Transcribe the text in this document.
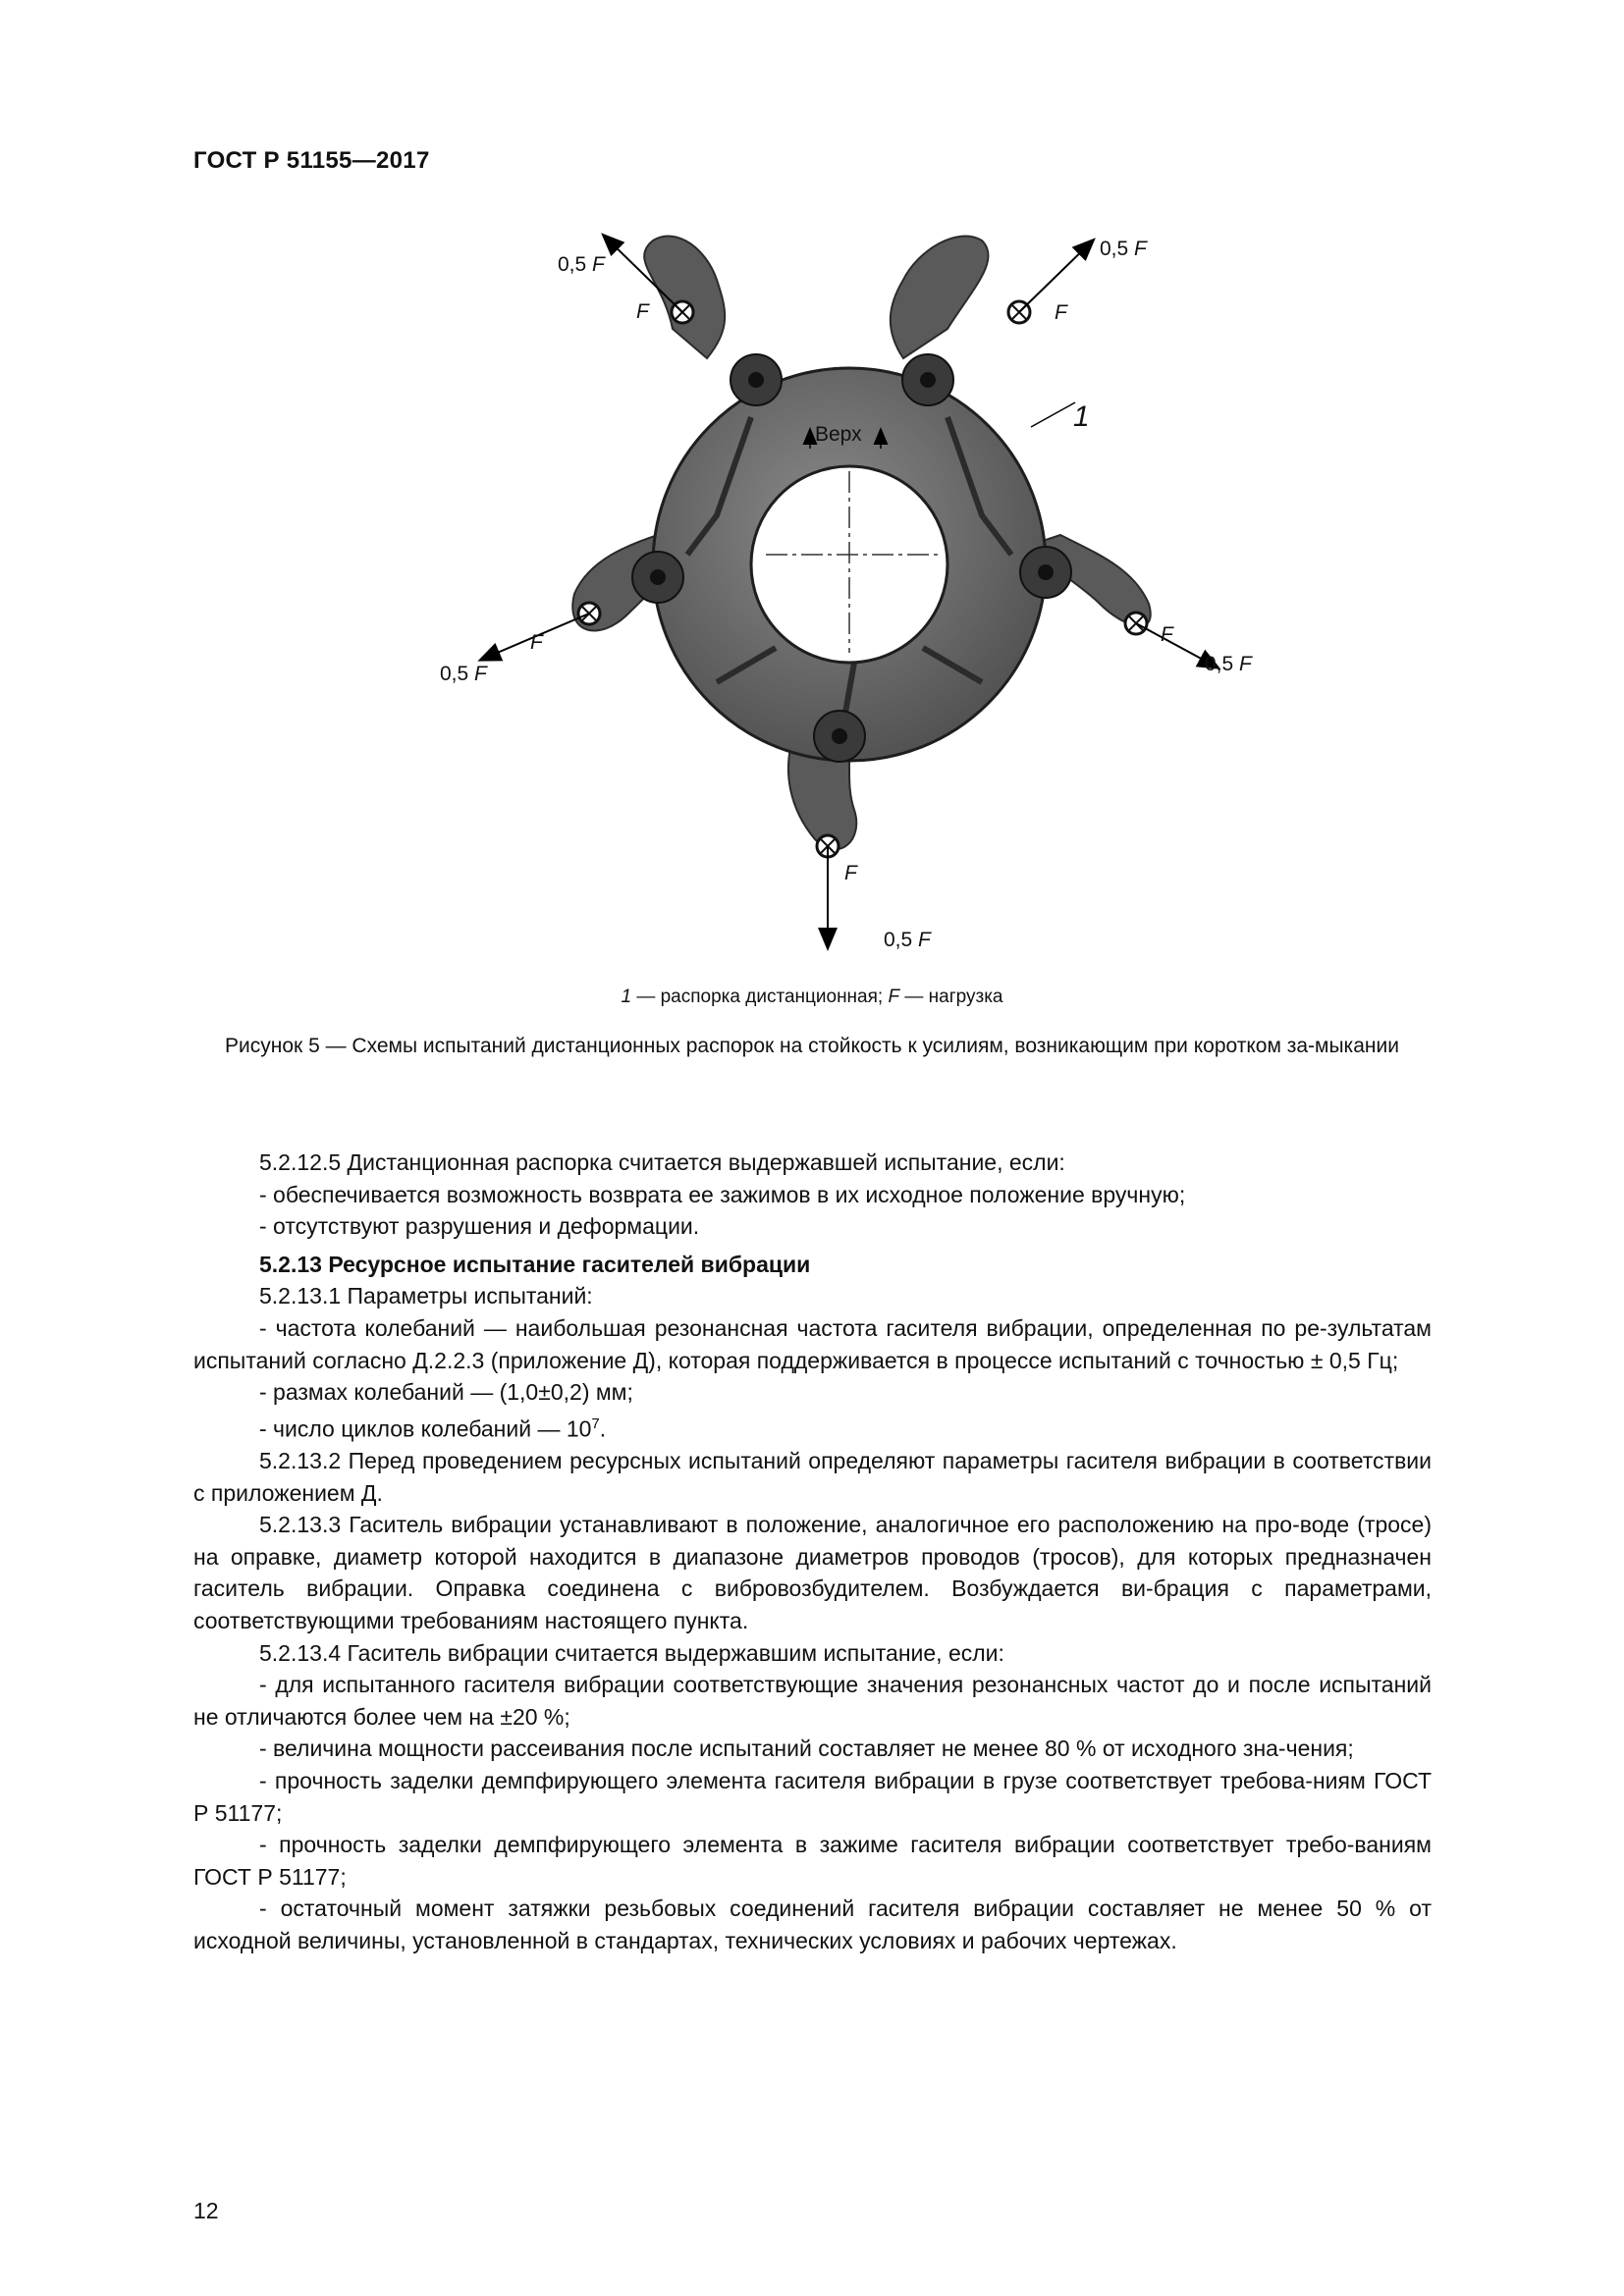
ГОСТ Р 51155—2017
Верх
1
0,5 F
F
0,5 F
F
F
0,5 F
F
0,5 F
F
0,5 F
1 — распорка дистанционная; F — нагрузка
Рисунок 5 — Схемы испытаний дистанционных распорок на стойкость к усилиям, возникающим при коротком за-мыкании

5.2.12.5 Дистанционная распорка считается выдержавшей испытание, если:

- обеспечивается возможность возврата ее зажимов в их исходное положение вручную;

- отсутствуют разрушения и деформации.

5.2.13 Ресурсное испытание гасителей вибрации

5.2.13.1 Параметры испытаний:

- частота колебаний — наибольшая резонансная частота гасителя вибрации, определенная по ре-зультатам испытаний согласно Д.2.2.3 (приложение Д), которая поддерживается в процессе испытаний с точностью ± 0,5 Гц;

- размах колебаний — (1,0±0,2) мм;

- число циклов колебаний — $10^7$.

5.2.13.2 Перед проведением ресурсных испытаний определяют параметры гасителя вибрации в соответствии с приложением Д.

5.2.13.3 Гаситель вибрации устанавливают в положение, аналогичное его расположению на про-воде (тросе) на оправке, диаметр которой находится в диапазоне диаметров проводов (тросов), для которых предназначен гаситель вибрации. Оправка соединена с вибровозбудителем. Возбуждается ви-брация с параметрами, соответствующими требованиям настоящего пункта.

5.2.13.4 Гаситель вибрации считается выдержавшим испытание, если:

- для испытанного гасителя вибрации соответствующие значения резонансных частот до и после испытаний не отличаются более чем на ±20 %;

- величина мощности рассеивания после испытаний составляет не менее 80 % от исходного зна-чения;

- прочность заделки демпфирующего элемента гасителя вибрации в грузе соответствует требова-ниям ГОСТ Р 51177;

- прочность заделки демпфирующего элемента в зажиме гасителя вибрации соответствует требо-ваниям ГОСТ Р 51177;

- остаточный момент затяжки резьбовых соединений гасителя вибрации составляет не менее 50 % от исходной величины, установленной в стандартах, технических условиях и рабочих чертежах.

12
